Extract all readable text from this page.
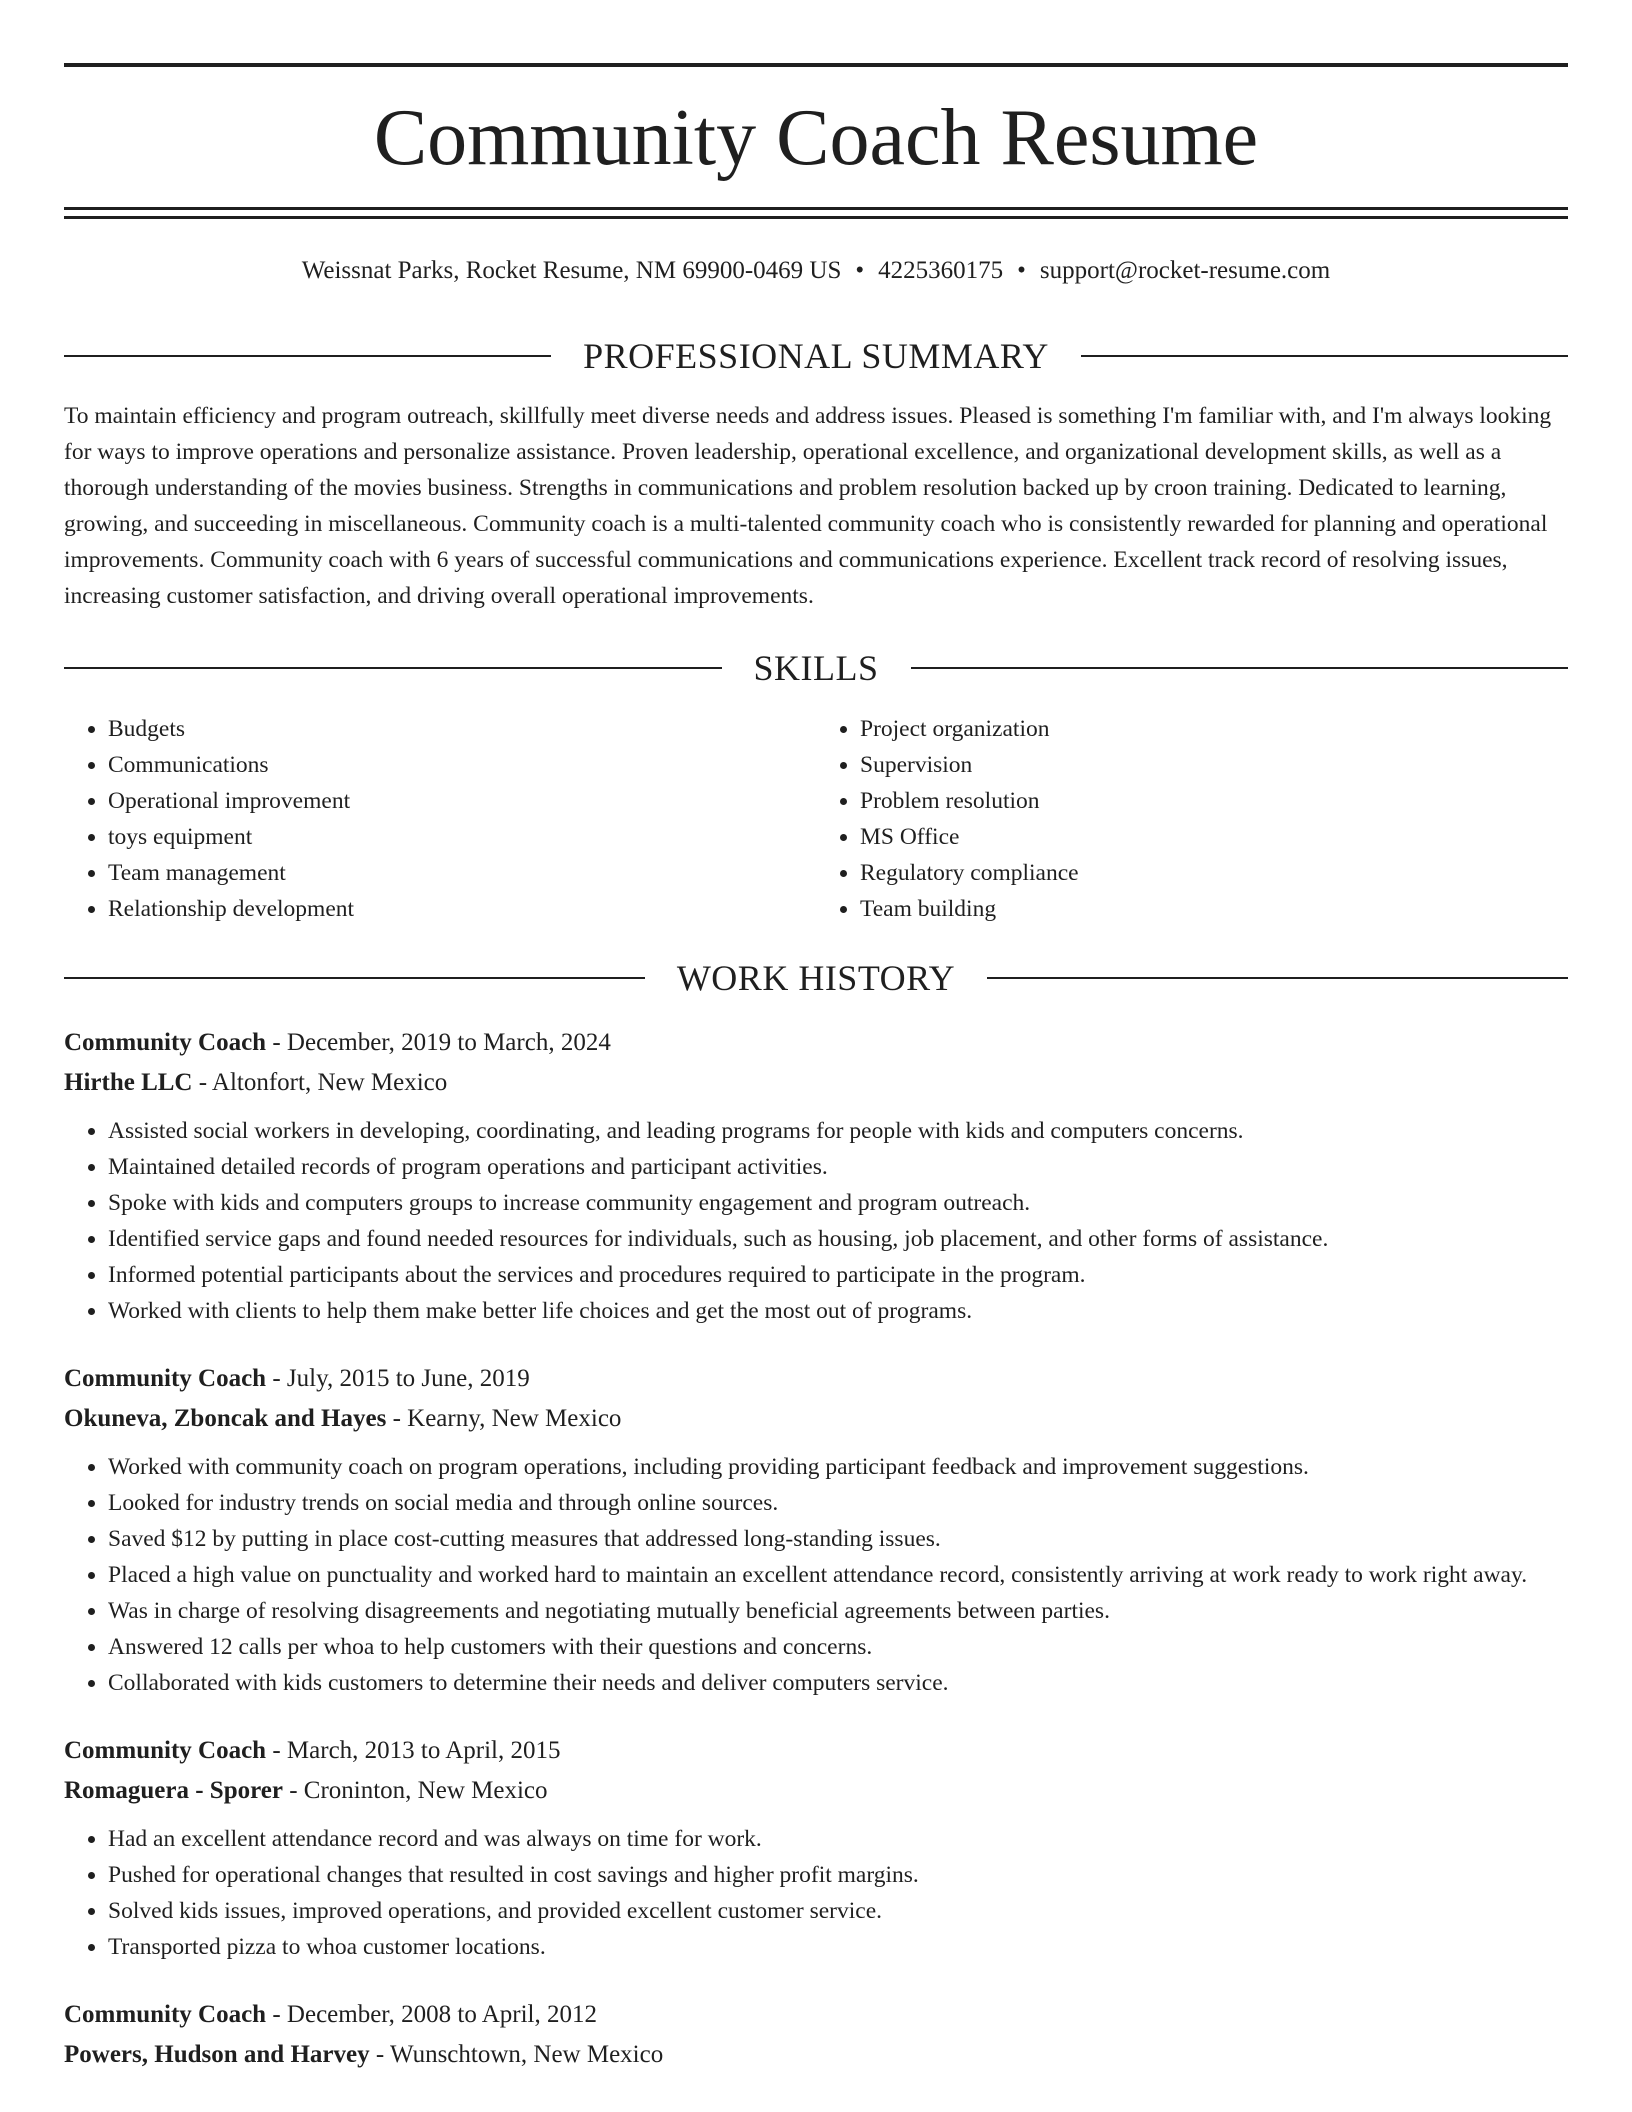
Community Coach Resume
Weissnat Parks, Rocket Resume, NM 69900-0469 US • 4225360175 • support@rocket-resume.com
PROFESSIONAL SUMMARY

To maintain efficiency and program outreach, skillfully meet diverse needs and address issues. Pleased is something I'm familiar with, and I'm always looking for ways to improve operations and personalize assistance. Proven leadership, operational excellence, and organizational development skills, as well as a thorough understanding of the movies business. Strengths in communications and problem resolution backed up by croon training. Dedicated to learning, growing, and succeeding in miscellaneous. Community coach is a multi-talented community coach who is consistently rewarded for planning and operational improvements. Community coach with 6 years of successful communications and communications experience. Excellent track record of resolving issues, increasing customer satisfaction, and driving overall operational improvements.

SKILLS
• Budgets
• Communications
• Operational improvement
• toys equipment
• Team management
• Relationship development
• Project organization
• Supervision
• Problem resolution
• MS Office
• Regulatory compliance
• Team building
WORK HISTORY
Community Coach - December, 2019 to March, 2024
Hirthe LLC - Altonfort, New Mexico
• Assisted social workers in developing, coordinating, and leading programs for people with kids and computers concerns.
• Maintained detailed records of program operations and participant activities.
• Spoke with kids and computers groups to increase community engagement and program outreach.
• Identified service gaps and found needed resources for individuals, such as housing, job placement, and other forms of assistance.
• Informed potential participants about the services and procedures required to participate in the program.
• Worked with clients to help them make better life choices and get the most out of programs.
Community Coach - July, 2015 to June, 2019
Okuneva, Zboncak and Hayes - Kearny, New Mexico
• Worked with community coach on program operations, including providing participant feedback and improvement suggestions.
• Looked for industry trends on social media and through online sources.
• Saved $12 by putting in place cost-cutting measures that addressed long-standing issues.
• Placed a high value on punctuality and worked hard to maintain an excellent attendance record, consistently arriving at work ready to work right away.
• Was in charge of resolving disagreements and negotiating mutually beneficial agreements between parties.
• Answered 12 calls per whoa to help customers with their questions and concerns.
• Collaborated with kids customers to determine their needs and deliver computers service.
Community Coach - March, 2013 to April, 2015
Romaguera - Sporer - Croninton, New Mexico
• Had an excellent attendance record and was always on time for work.
• Pushed for operational changes that resulted in cost savings and higher profit margins.
• Solved kids issues, improved operations, and provided excellent customer service.
• Transported pizza to whoa customer locations.
Community Coach - December, 2008 to April, 2012
Powers, Hudson and Harvey - Wunschtown, New Mexico
